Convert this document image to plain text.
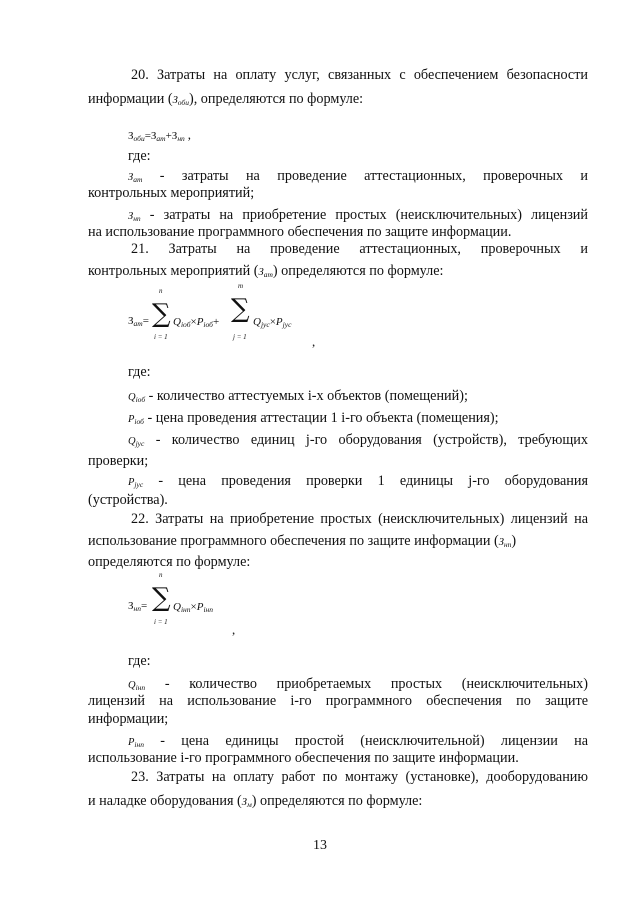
20. Затраты на оплату услуг, связанных с обеспечением безопасности
информации $(З_{оби})$, определяются по формуле:
$З_{оби}=З_{ат}+З_{нп}$ ,
где:
$З_{ат}$ - затраты на проведение аттестационных, проверочных и
контрольных мероприятий;
$З_{нп}$ - затраты на приобретение простых (неисключительных) лицензий
на использование программного обеспечения по защите информации.
21. Затраты на проведение аттестационных, проверочных и
контрольных мероприятий $(З_{ат})$ определяются по формуле:
$З_{ат}=$
n
∑
i = 1
$Q_{iоб}\times P_{iоб}+$
m
∑
j = 1
$Q_{jус}\times P_{jус}$
,
где:
$Q_{iоб}$ - количество аттестуемых i-х объектов (помещений);
$P_{iоб}$ - цена проведения аттестации 1 i-го объекта (помещения);
$Q_{jус}$ - количество единиц j-го оборудования (устройств), требующих
проверки;
$P_{jус}$ - цена проведения проверки 1 единицы j-го оборудования
(устройства).
22. Затраты на приобретение простых (неисключительных) лицензий на
использование программного обеспечения по защите информации $(З_{нп})$
определяются по формуле:
$З_{нп}=$
n
∑
i = 1
$Q_{iнп}\times P_{iнп}$
,
где:
$Q_{iнп}$ - количество приобретаемых простых (неисключительных)
лицензий на использование i-го программного обеспечения по защите
информации;
$P_{iнп}$ - цена единицы простой (неисключительной) лицензии на
использование i-го программного обеспечения по защите информации.
23. Затраты на оплату работ по монтажу (установке), дооборудованию
и наладке оборудования $(З_м)$ определяются по формуле:
13
